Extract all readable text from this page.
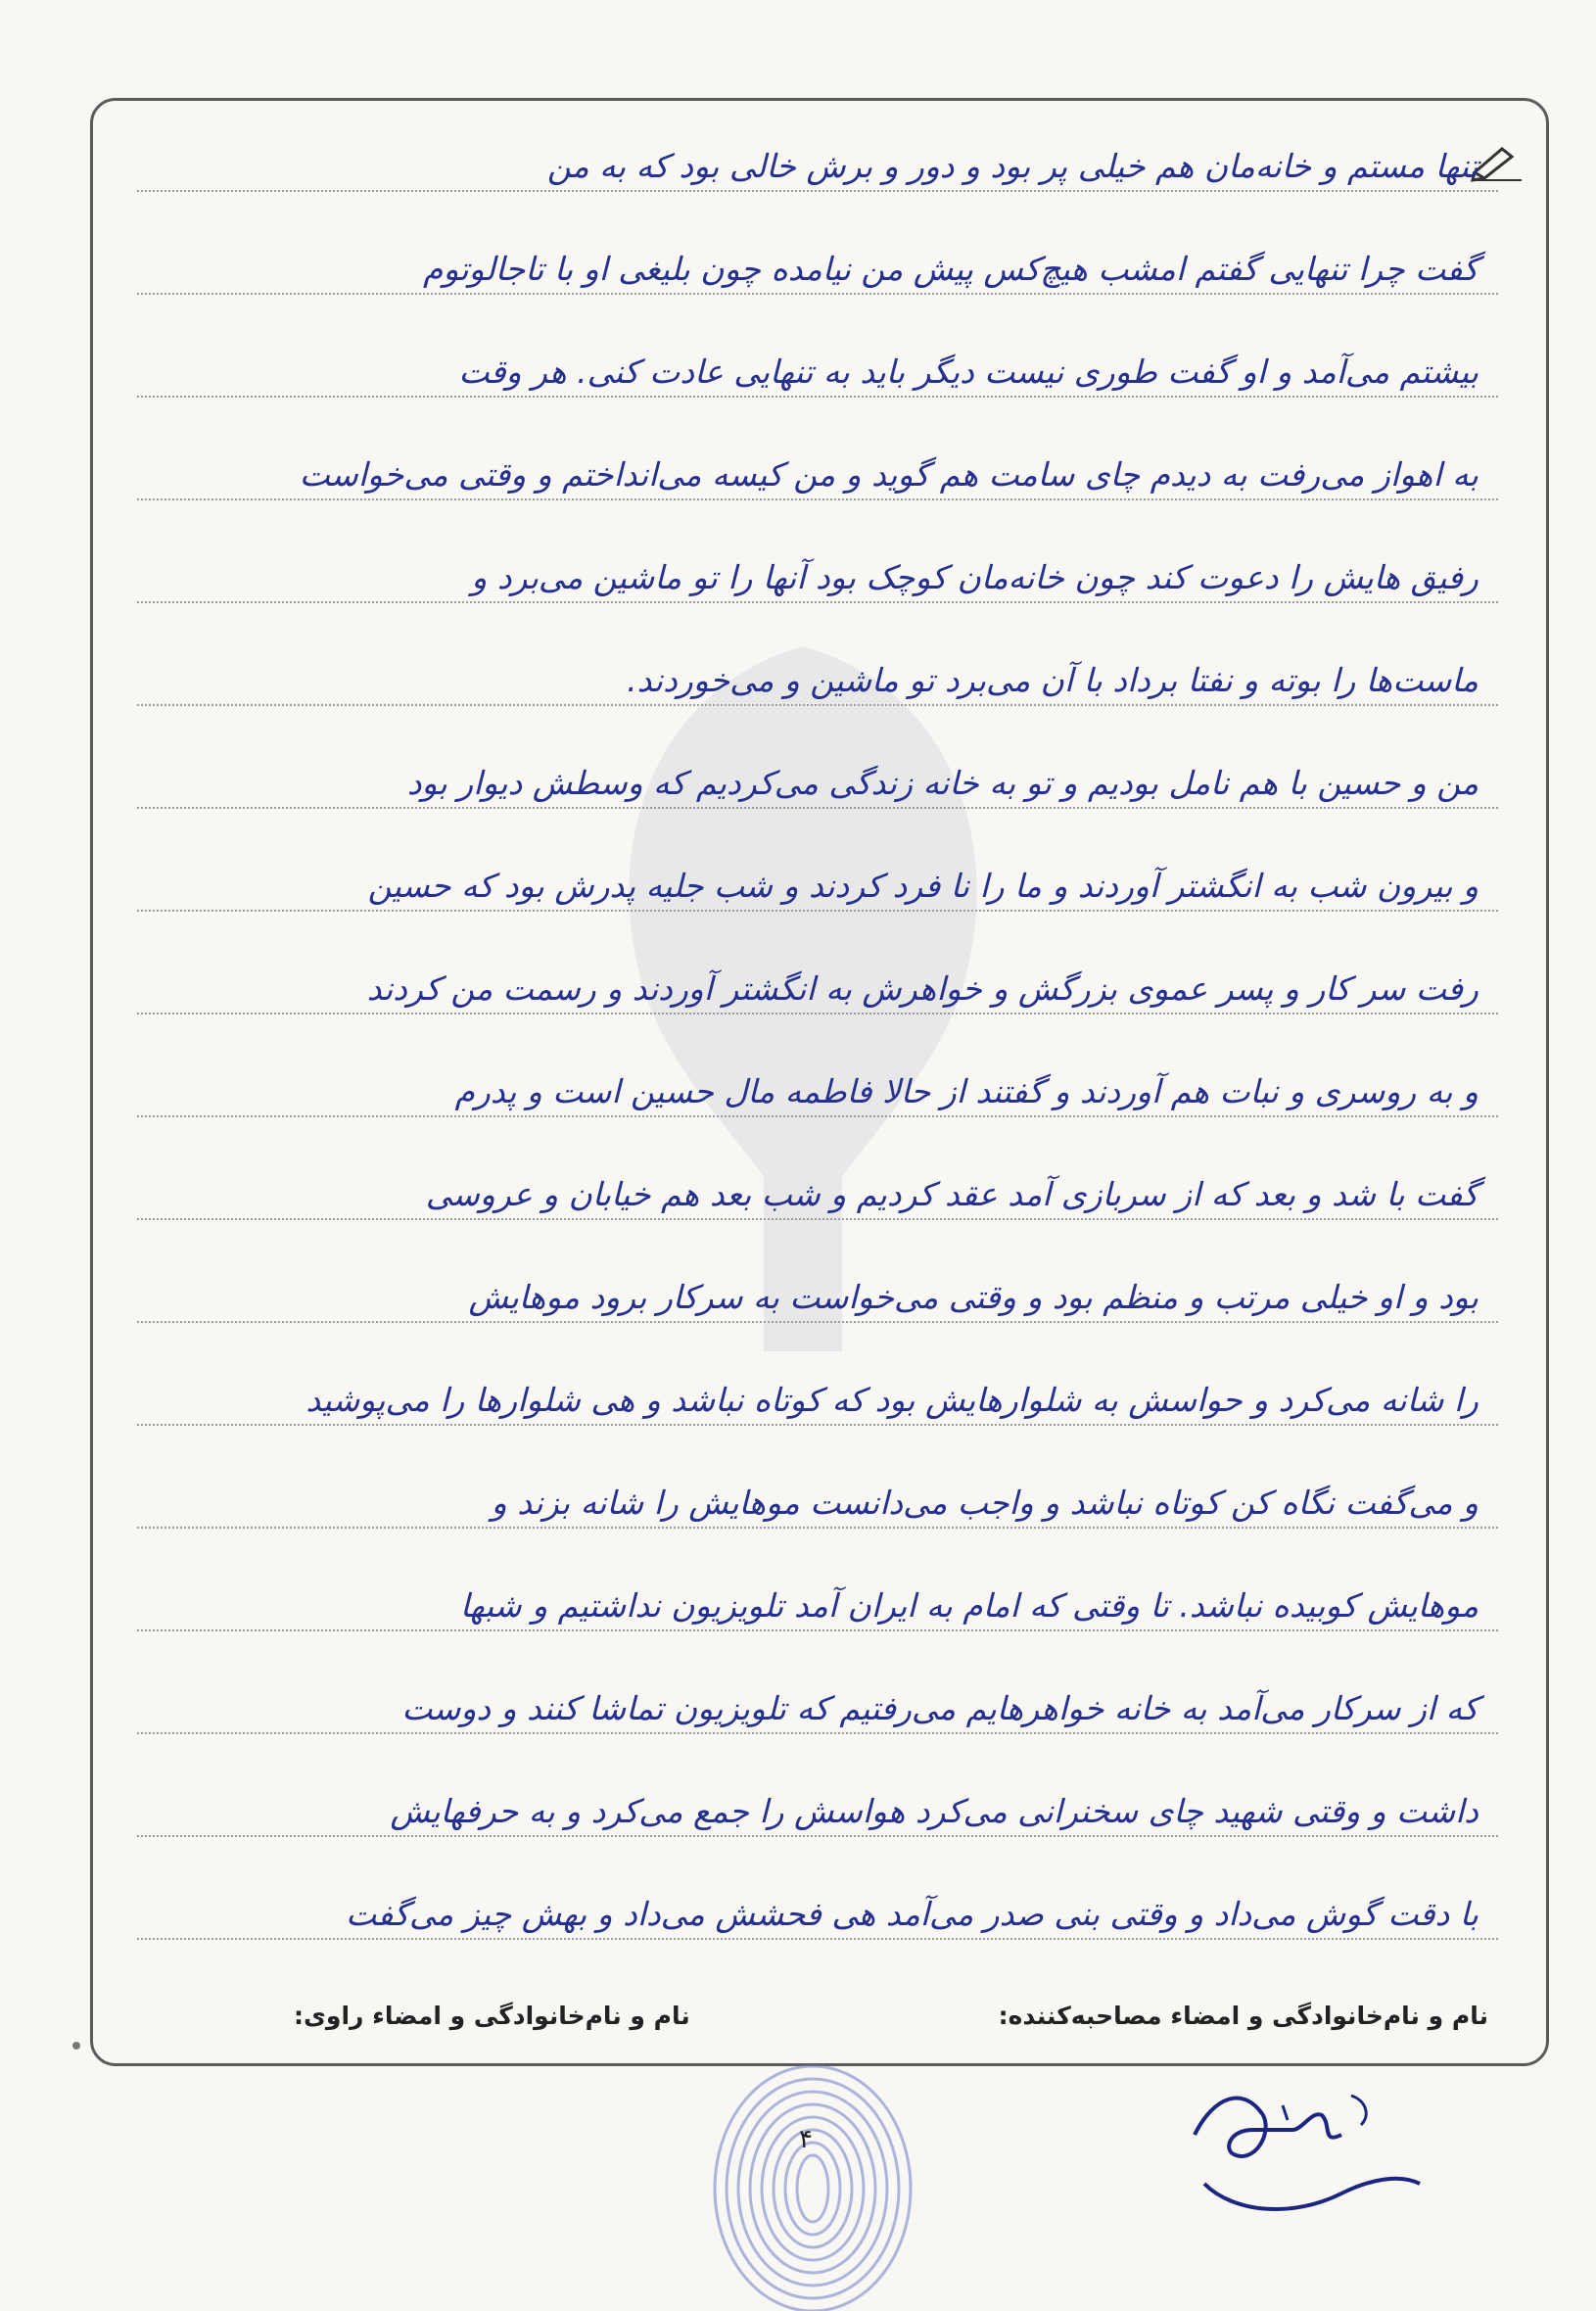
تنها مستم و خانه‌مان هم خیلی پر بود و دور و برش خالی بود که به من
گفت چرا تنهایی گفتم امشب هیچ‌کس پیش من نیامده چون بلیغی او با تاجالوتوم
بیشتم می‌آمد و او گفت طوری نیست دیگر باید به تنهایی عادت کنی. هر وقت
به اهواز می‌رفت به دیدم چای سامت هم ‌گوید و من کیسه می‌انداختم و وقتی می‌خواست
رفیق هایش را دعوت کند چون خانه‌مان کوچک بود آنها را تو ماشین می‌برد و
ماست‌ها را بوته و نفتا برداد با آن می‌برد تو ماشین و می‌خوردند.
من و حسین با هم نامل بودیم و تو به خانه زندگی می‌کردیم که وسطش دیوار بود
و بیرون شب به انگشتر آوردند و ما را نا فرد کردند و شب جلیه پدرش بود که حسین
رفت سر کار و پسر عموی بزرگش و خواهرش به انگشتر آوردند و رسمت من کردند
و به روسری و نبات هم آوردند و گفتند از حالا فاطمه مال حسین است و پدرم
گفت با شد و بعد که از سربازی آمد عقد کردیم و شب بعد هم خیابان و عروسی
بود و او خیلی مرتب و منظم بود و وقتی می‌خواست به سرکار برود موهایش
را شانه می‌کرد و حواسش به شلوارهایش بود که کوتاه نباشد و هی شلوارها را می‌پوشید
و می‌گفت نگاه کن کوتاه نباشد و واجب می‌دانست موهایش را شانه بزند و
موهایش کوبیده نباشد. تا وقتی که امام به ایران آمد تلویزیون نداشتیم و شبها
که از سرکار می‌آمد به خانه خواهرهایم می‌رفتیم که تلویزیون تماشا کنند و دوست
داشت و وقتی شهید چای سخنرانی می‌کرد هواسش را جمع می‌کرد و به حرفهایش
با دقت گوش می‌داد و وقتی بنی صدر می‌آمد هی فحشش می‌داد و بهش چیز می‌گفت
نام و نام‌خانوادگی و امضاء مصاحبه‌کننده:
نام و نام‌خانوادگی و امضاء راوی:
۴
